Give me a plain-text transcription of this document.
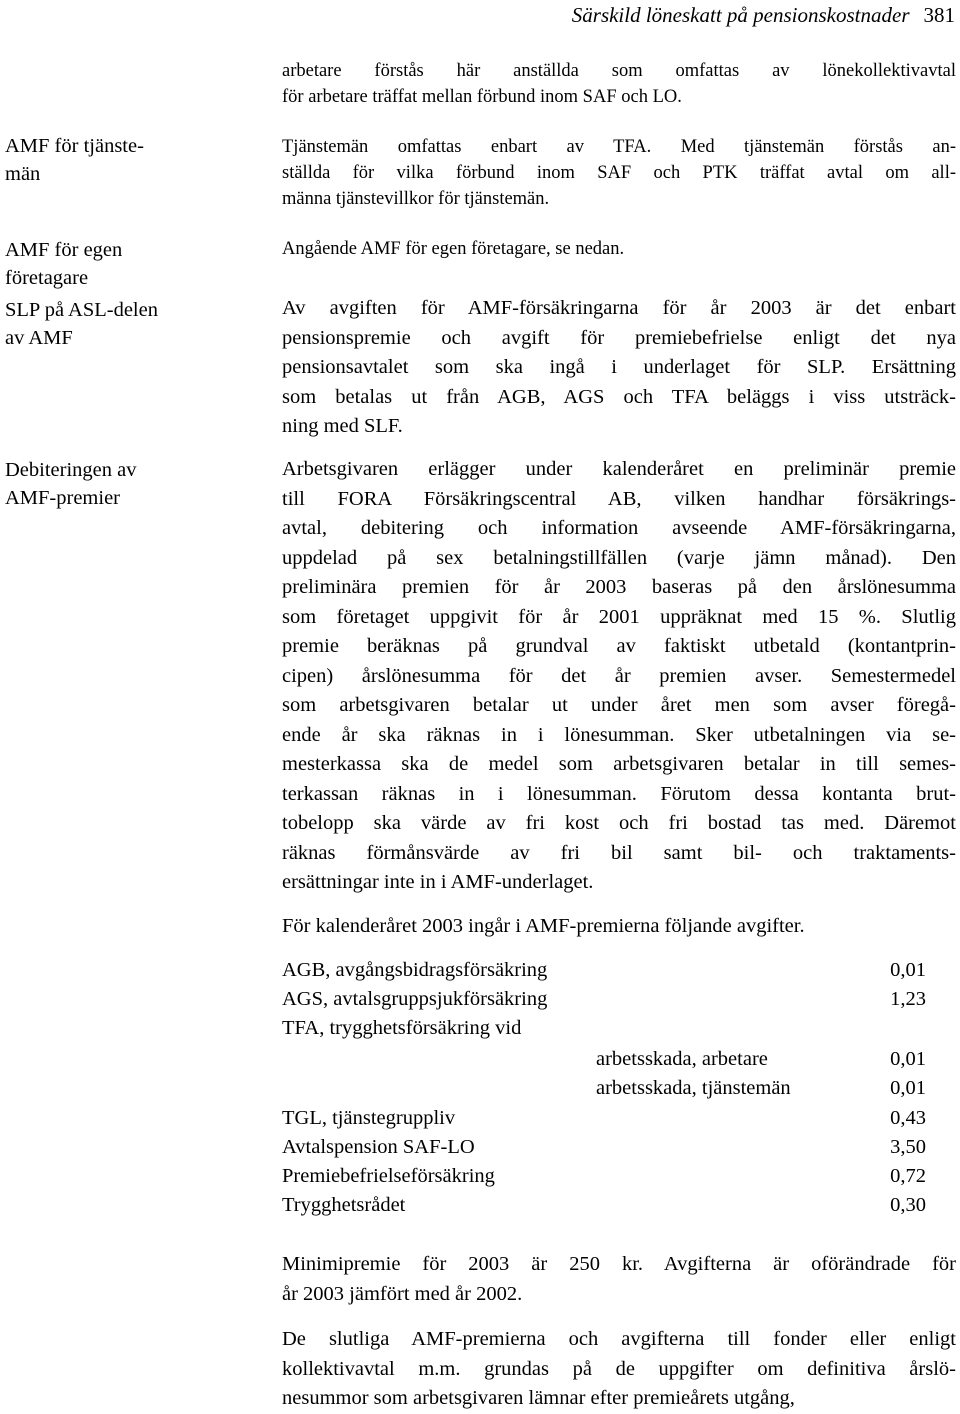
Särskild löneskatt på pensionskostnader 381
AMF för tjänste-
män
AMF för egen
företagare
SLP på ASL-delen
av AMF
Debiteringen av
AMF-premier
arbetare förstås här anställda som omfattas av lönekollektivavtal
för arbetare träffat mellan förbund inom SAF och LO.
Tjänstemän omfattas enbart av TFA. Med tjänstemän förstås an-
ställda för vilka förbund inom SAF och PTK träffat avtal om all-
männa tjänstevillkor för tjänstemän.
Angående AMF för egen företagare, se nedan.
Av avgiften för AMF-försäkringarna för år 2003 är det enbart
pensionspremie och avgift för premiebefrielse enligt det nya
pensionsavtalet som ska ingå i underlaget för SLP. Ersättning
som betalas ut från AGB, AGS och TFA beläggs i viss utsträck-
ning med SLF.
Arbetsgivaren erlägger under kalenderåret en preliminär premie
till FORA Försäkringscentral AB, vilken handhar försäkrings-
avtal, debitering och information avseende AMF-försäkringarna,
uppdelad på sex betalningstillfällen (varje jämn månad). Den
preliminära premien för år 2003 baseras på den årslönesumma
som företaget uppgivit för år 2001 uppräknat med 15 %. Slutlig
premie beräknas på grundval av faktiskt utbetald (kontantprin-
cipen) årslönesumma för det år premien avser. Semestermedel
som arbetsgivaren betalar ut under året men som avser föregå-
ende år ska räknas in i lönesumman. Sker utbetalningen via se-
mesterkassa ska de medel som arbetsgivaren betalar in till semes-
terkassan räknas in i lönesumman. Förutom dessa kontanta brut-
tobelopp ska värde av fri kost och fri bostad tas med. Däremot
räknas förmånsvärde av fri bil samt bil- och traktaments-
ersättningar inte in i AMF-underlaget.
För kalenderåret 2003 ingår i AMF-premierna följande avgifter.
AGB, avgångsbidragsförsäkring	0,01
AGS, avtalsgruppsjukförsäkring	1,23
TFA, trygghetsförsäkring vid
arbetsskada, arbetare	0,01
arbetsskada, tjänstemän	0,01
TGL, tjänstegruppliv	0,43
Avtalspension SAF-LO	3,50
Premiebefrielseförsäkring	0,72
Trygghetsrådet	0,30
Minimipremie för 2003 är 250 kr. Avgifterna är oförändrade för
år 2003 jämfört med år 2002.
De slutliga AMF-premierna och avgifterna till fonder eller enligt
kollektivavtal m.m. grundas på de uppgifter om definitiva årslö-
nesummor som arbetsgivaren lämnar efter premieårets utgång,
